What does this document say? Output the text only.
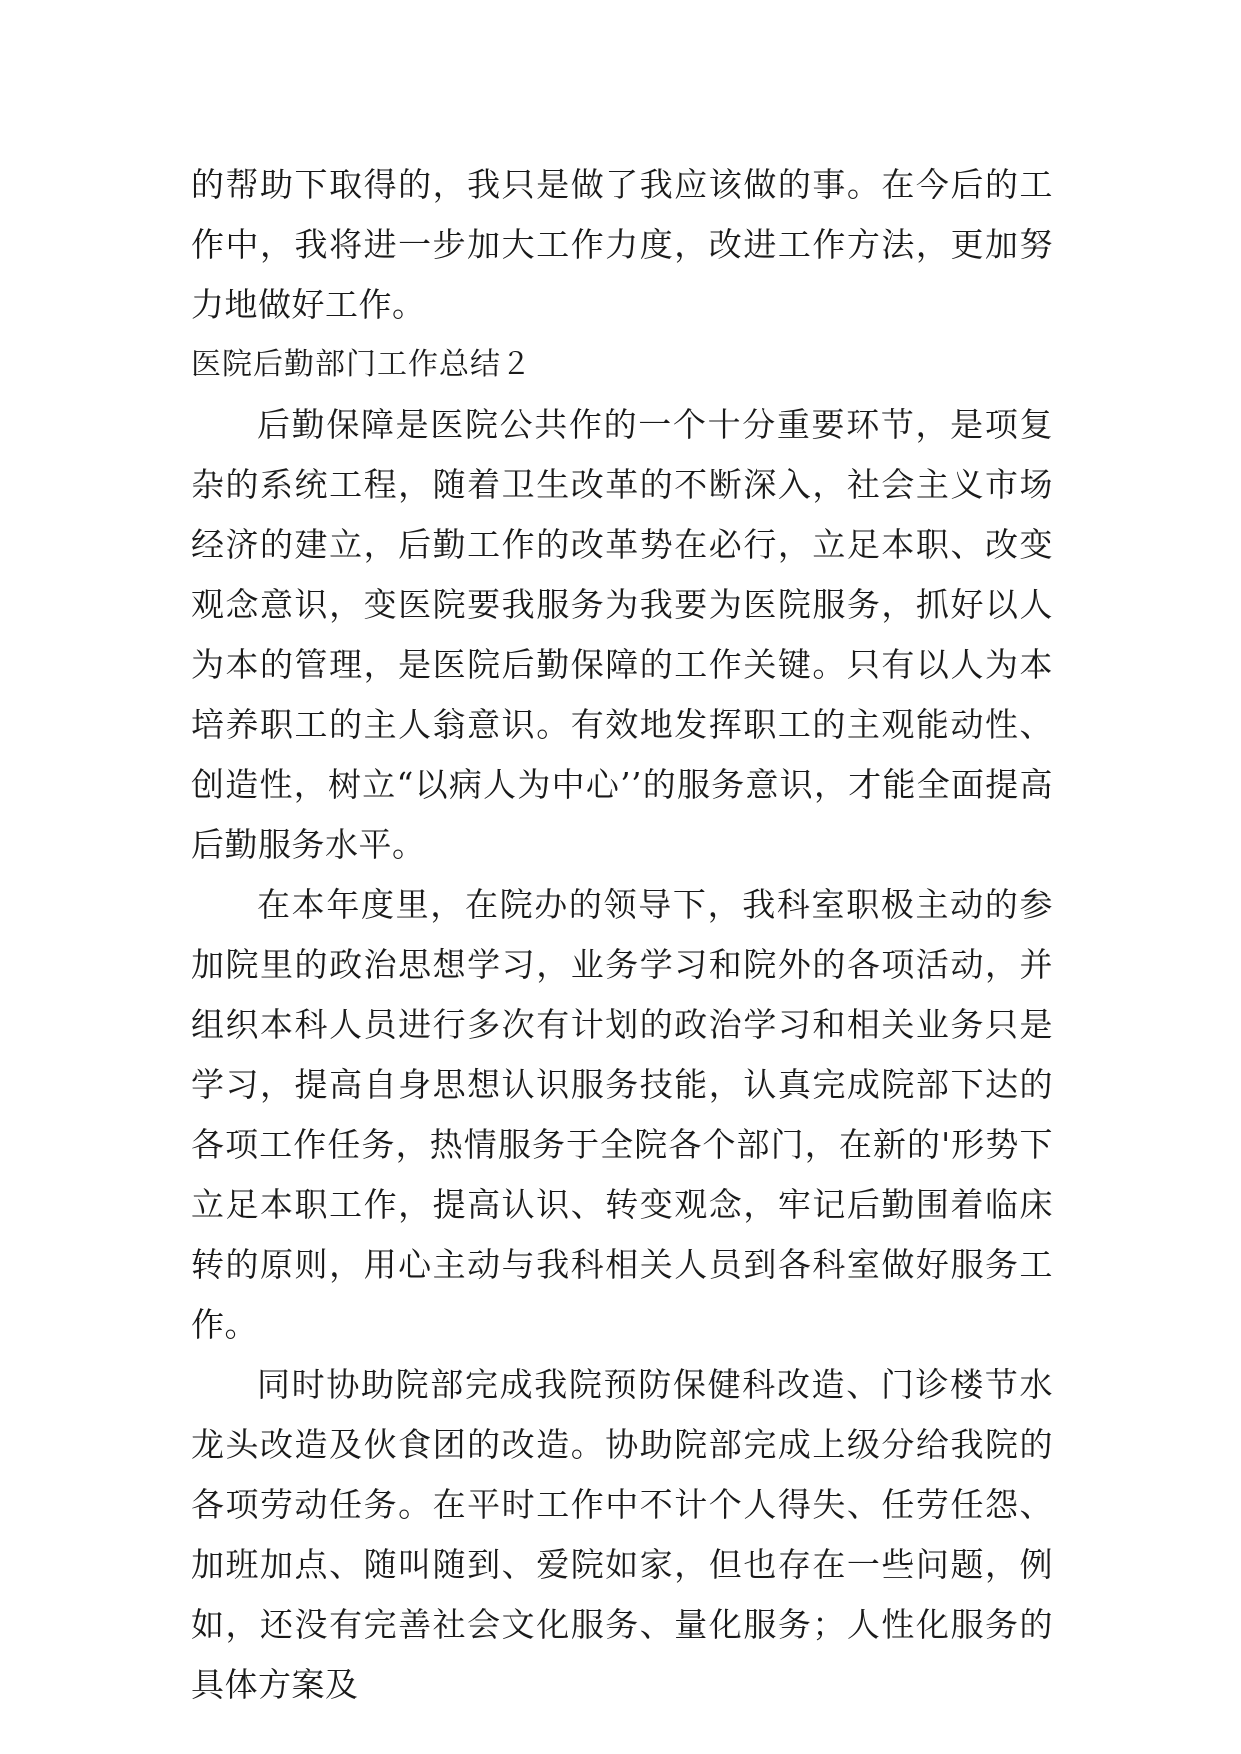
的帮助下取得的，我只是做了我应该做的事。在今后的工作中，我将进一步加大工作力度，改进工作方法，更加努力地做好工作。

医院后勤部门工作总结２

后勤保障是医院公共作的一个十分重要环节，是项复杂的系统工程，随着卫生改革的不断深入，社会主义市场经济的建立，后勤工作的改革势在必行，立足本职、改变观念意识，变医院要我服务为我要为医院服务，抓好以人为本的管理，是医院后勤保障的工作关键。只有以人为本培养职工的主人翁意识。有效地发挥职工的主观能动性、创造性，树立“以病人为中心’’的服务意识，才能全面提高后勤服务水平。

在本年度里，在院办的领导下，我科室职极主动的参加院里的政治思想学习，业务学习和院外的各项活动，并组织本科人员进行多次有计划的政治学习和相关业务只是学习，提高自身思想认识服务技能，认真完成院部下达的各项工作任务，热情服务于全院各个部门，在新的'形势下立足本职工作，提高认识、转变观念，牢记后勤围着临床转的原则，用心主动与我科相关人员到各科室做好服务工作。

同时协助院部完成我院预防保健科改造、门诊楼节水龙头改造及伙食团的改造。协助院部完成上级分给我院的各项劳动任务。在平时工作中不计个人得失、任劳任怨、加班加点、随叫随到、爱院如家，但也存在一些问题，例如，还没有完善社会文化服务、量化服务；人性化服务的具体方案及
